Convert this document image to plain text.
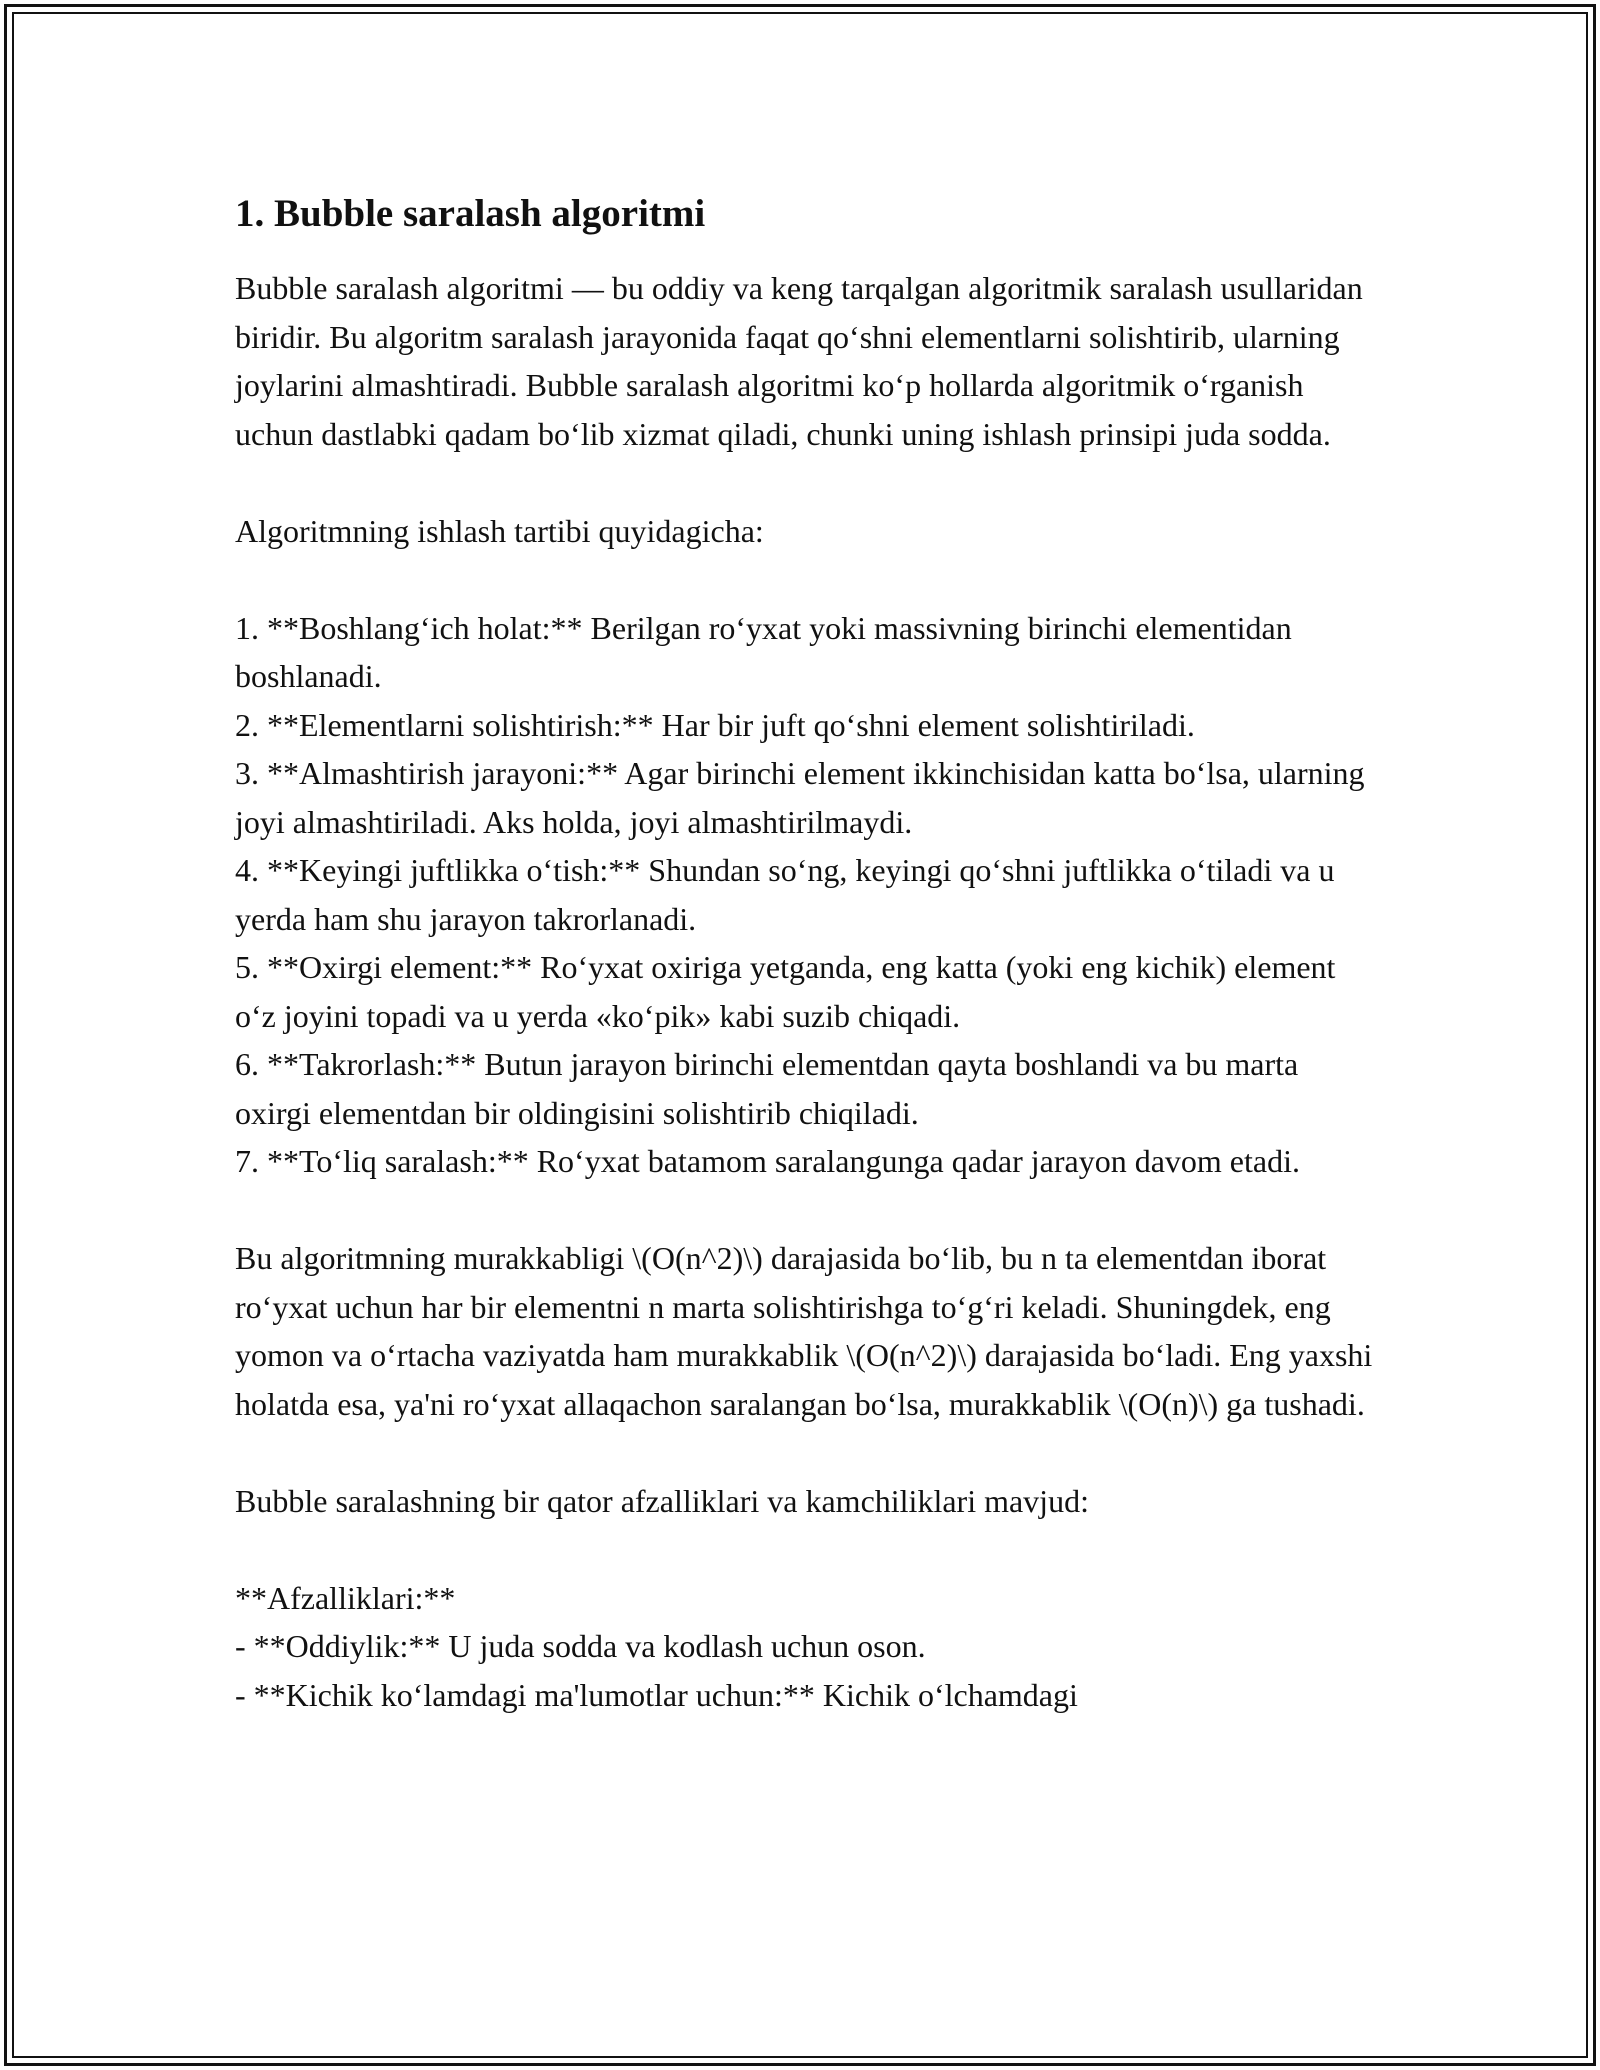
1. Bubble saralash algoritmi

Bubble saralash algoritmi — bu oddiy va keng tarqalgan algoritmik saralash usullaridan biridir. Bu algoritm saralash jarayonida faqat qo‘shni elementlarni solishtirib, ularning joylarini almashtiradi. Bubble saralash algoritmi ko‘p hollarda algoritmik o‘rganish uchun dastlabki qadam bo‘lib xizmat qiladi, chunki uning ishlash prinsipi juda sodda.

Algoritmning ishlash tartibi quyidagicha:

1. **Boshlang‘ich holat:** Berilgan ro‘yxat yoki massivning birinchi elementidan boshlanadi.

2. **Elementlarni solishtirish:** Har bir juft qo‘shni element solishtiriladi.

3. **Almashtirish jarayoni:** Agar birinchi element ikkinchisidan katta bo‘lsa, ularning joyi almashtiriladi. Aks holda, joyi almashtirilmaydi.

4. **Keyingi juftlikka o‘tish:** Shundan so‘ng, keyingi qo‘shni juftlikka o‘tiladi va u yerda ham shu jarayon takrorlanadi.

5. **Oxirgi element:** Ro‘yxat oxiriga yetganda, eng katta (yoki eng kichik) element o‘z joyini topadi va u yerda «ko‘pik» kabi suzib chiqadi.

6. **Takrorlash:** Butun jarayon birinchi elementdan qayta boshlandi va bu marta oxirgi elementdan bir oldingisini solishtirib chiqiladi.

7. **To‘liq saralash:** Ro‘yxat batamom saralangunga qadar jarayon davom etadi.

Bu algoritmning murakkabligi \(O(n^2)\) darajasida bo‘lib, bu n ta elementdan iborat ro‘yxat uchun har bir elementni n marta solishtirishga to‘g‘ri keladi. Shuningdek, eng yomon va o‘rtacha vaziyatda ham murakkablik \(O(n^2)\) darajasida bo‘ladi. Eng yaxshi holatda esa, ya'ni ro‘yxat allaqachon saralangan bo‘lsa, murakkablik \(O(n)\) ga tushadi.

Bubble saralashning bir qator afzalliklari va kamchiliklari mavjud:

**Afzalliklari:**

- **Oddiylik:** U juda sodda va kodlash uchun oson.

- **Kichik ko‘lamdagi ma'lumotlar uchun:** Kichik o‘lchamdagi
